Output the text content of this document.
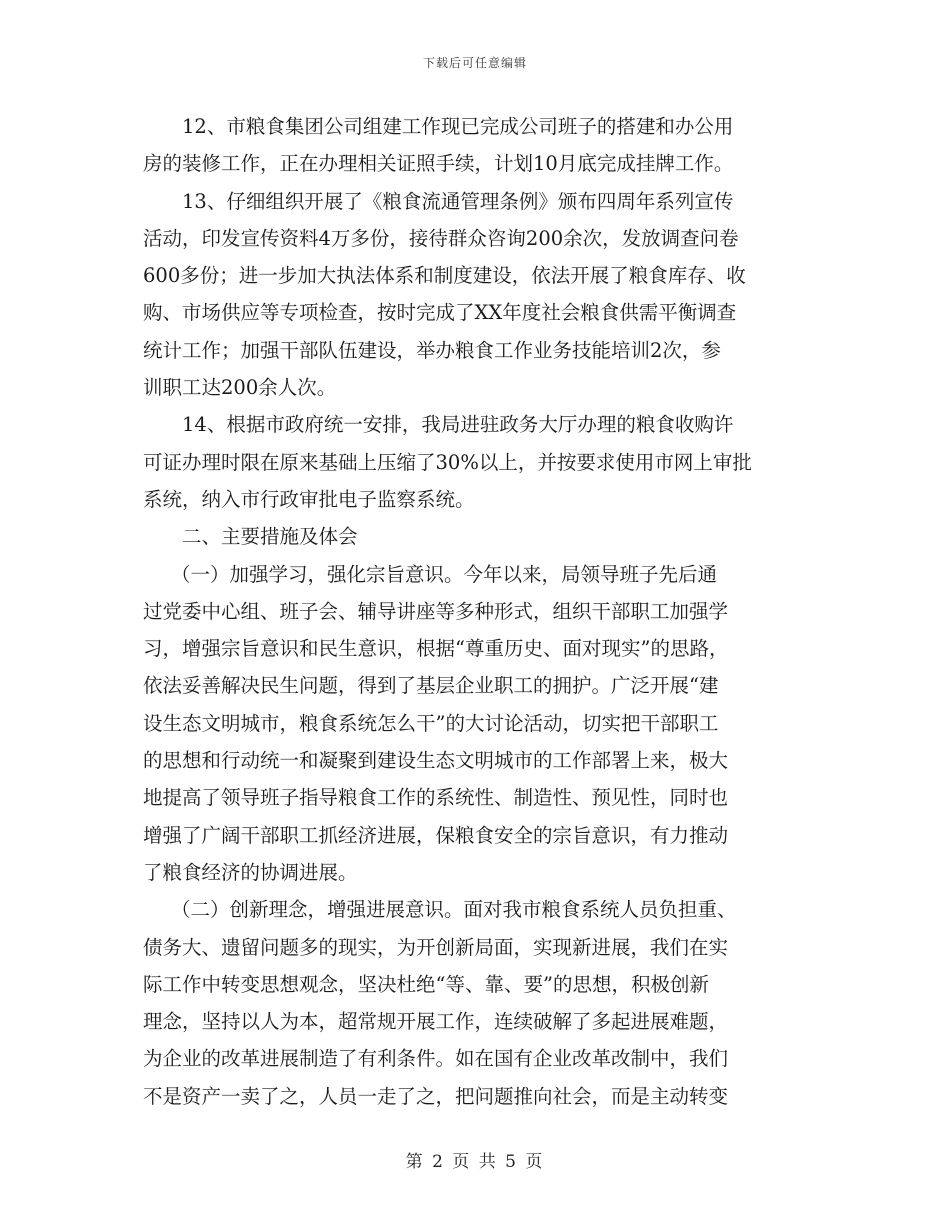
下载后可任意编辑
12、市粮食集团公司组建工作现已完成公司班子的搭建和办公用
房的装修工作，正在办理相关证照手续，计划10月底完成挂牌工作。
13、仔细组织开展了《粮食流通管理条例》颁布四周年系列宣传
活动，印发宣传资料4万多份，接待群众咨询200余次，发放调查问卷
600多份；进一步加大执法体系和制度建设，依法开展了粮食库存、收
购、市场供应等专项检查，按时完成了XX年度社会粮食供需平衡调查
统计工作；加强干部队伍建设，举办粮食工作业务技能培训2次，参
训职工达200余人次。
14、根据市政府统一安排，我局进驻政务大厅办理的粮食收购许
可证办理时限在原来基础上压缩了30%以上，并按要求使用市网上审批
系统，纳入市行政审批电子监察系统。
二、主要措施及体会
（一）加强学习，强化宗旨意识。今年以来，局领导班子先后通
过党委中心组、班子会、辅导讲座等多种形式，组织干部职工加强学
习，增强宗旨意识和民生意识，根据“尊重历史、面对现实”的思路，
依法妥善解决民生问题，得到了基层企业职工的拥护。广泛开展“建
设生态文明城市，粮食系统怎么干”的大讨论活动，切实把干部职工
的思想和行动统一和凝聚到建设生态文明城市的工作部署上来，极大
地提高了领导班子指导粮食工作的系统性、制造性、预见性，同时也
增强了广阔干部职工抓经济进展，保粮食安全的宗旨意识，有力推动
了粮食经济的协调进展。
（二）创新理念，增强进展意识。面对我市粮食系统人员负担重、
债务大、遗留问题多的现实，为开创新局面，实现新进展，我们在实
际工作中转变思想观念，坚决杜绝“等、靠、要”的思想，积极创新
理念，坚持以人为本，超常规开展工作，连续破解了多起进展难题，
为企业的改革进展制造了有利条件。如在国有企业改革改制中，我们
不是资产一卖了之，人员一走了之，把问题推向社会，而是主动转变
第 2 页 共 5 页
